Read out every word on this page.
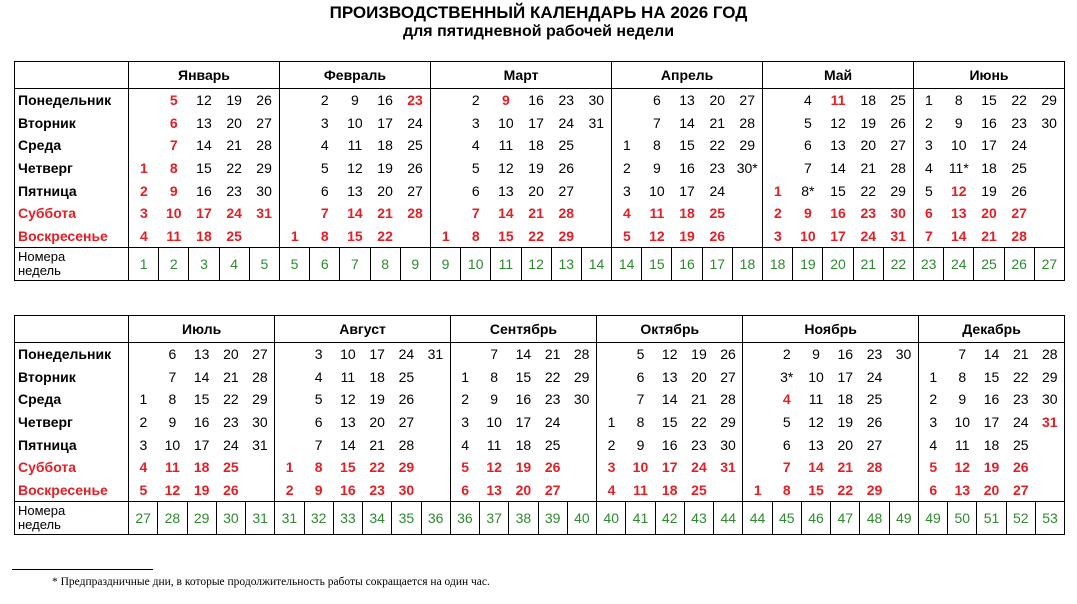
ПРОИЗВОДСТВЕННЫЙ КАЛЕНДАРЬ НА 2026 ГОД
для пятидневной рабочей недели
	Январь					Февраль					Март						Апрель					Май					Июнь				
Понедельник		5	12	19	26		2	9	16	23		2	9	16	23	30		6	13	20	27		4	11	18	25	1	8	15	22	29
Вторник		6	13	20	27		3	10	17	24		3	10	17	24	31		7	14	21	28		5	12	19	26	2	9	16	23	30
Среда		7	14	21	28		4	11	18	25		4	11	18	25		1	8	15	22	29		6	13	20	27	3	10	17	24	
Четверг	1	8	15	22	29		5	12	19	26		5	12	19	26		2	9	16	23	30*		7	14	21	28	4	11*	18	25	
Пятница	2	9	16	23	30		6	13	20	27		6	13	20	27		3	10	17	24		1	8*	15	22	29	5	12	19	26	
Суббота	3	10	17	24	31		7	14	21	28		7	14	21	28		4	11	18	25		2	9	16	23	30	6	13	20	27	
Воскресенье	4	11	18	25		1	8	15	22		1	8	15	22	29		5	12	19	26		3	10	17	24	31	7	14	21	28	
Номера недель	1	2	3	4	5	5	6	7	8	9	9	10	11	12	13	14	14	15	16	17	18	18	19	20	21	22	23	24	25	26	27
	Июль					Август						Сентябрь					Октябрь					Ноябрь						Декабрь				
Понедельник		6	13	20	27		3	10	17	24	31		7	14	21	28		5	12	19	26		2	9	16	23	30		7	14	21	28
Вторник		7	14	21	28		4	11	18	25		1	8	15	22	29		6	13	20	27		3*	10	17	24		1	8	15	22	29
Среда	1	8	15	22	29		5	12	19	26		2	9	16	23	30		7	14	21	28		4	11	18	25		2	9	16	23	30
Четверг	2	9	16	23	30		6	13	20	27		3	10	17	24		1	8	15	22	29		5	12	19	26		3	10	17	24	31
Пятница	3	10	17	24	31		7	14	21	28		4	11	18	25		2	9	16	23	30		6	13	20	27		4	11	18	25	
Суббота	4	11	18	25		1	8	15	22	29		5	12	19	26		3	10	17	24	31		7	14	21	28		5	12	19	26	
Воскресенье	5	12	19	26		2	9	16	23	30		6	13	20	27		4	11	18	25		1	8	15	22	29		6	13	20	27	
Номера недель	27	28	29	30	31	31	32	33	34	35	36	36	37	38	39	40	40	41	42	43	44	44	45	46	47	48	49	49	50	51	52	53
* Предпраздничные дни, в которые продолжительность работы сокращается на один час.
